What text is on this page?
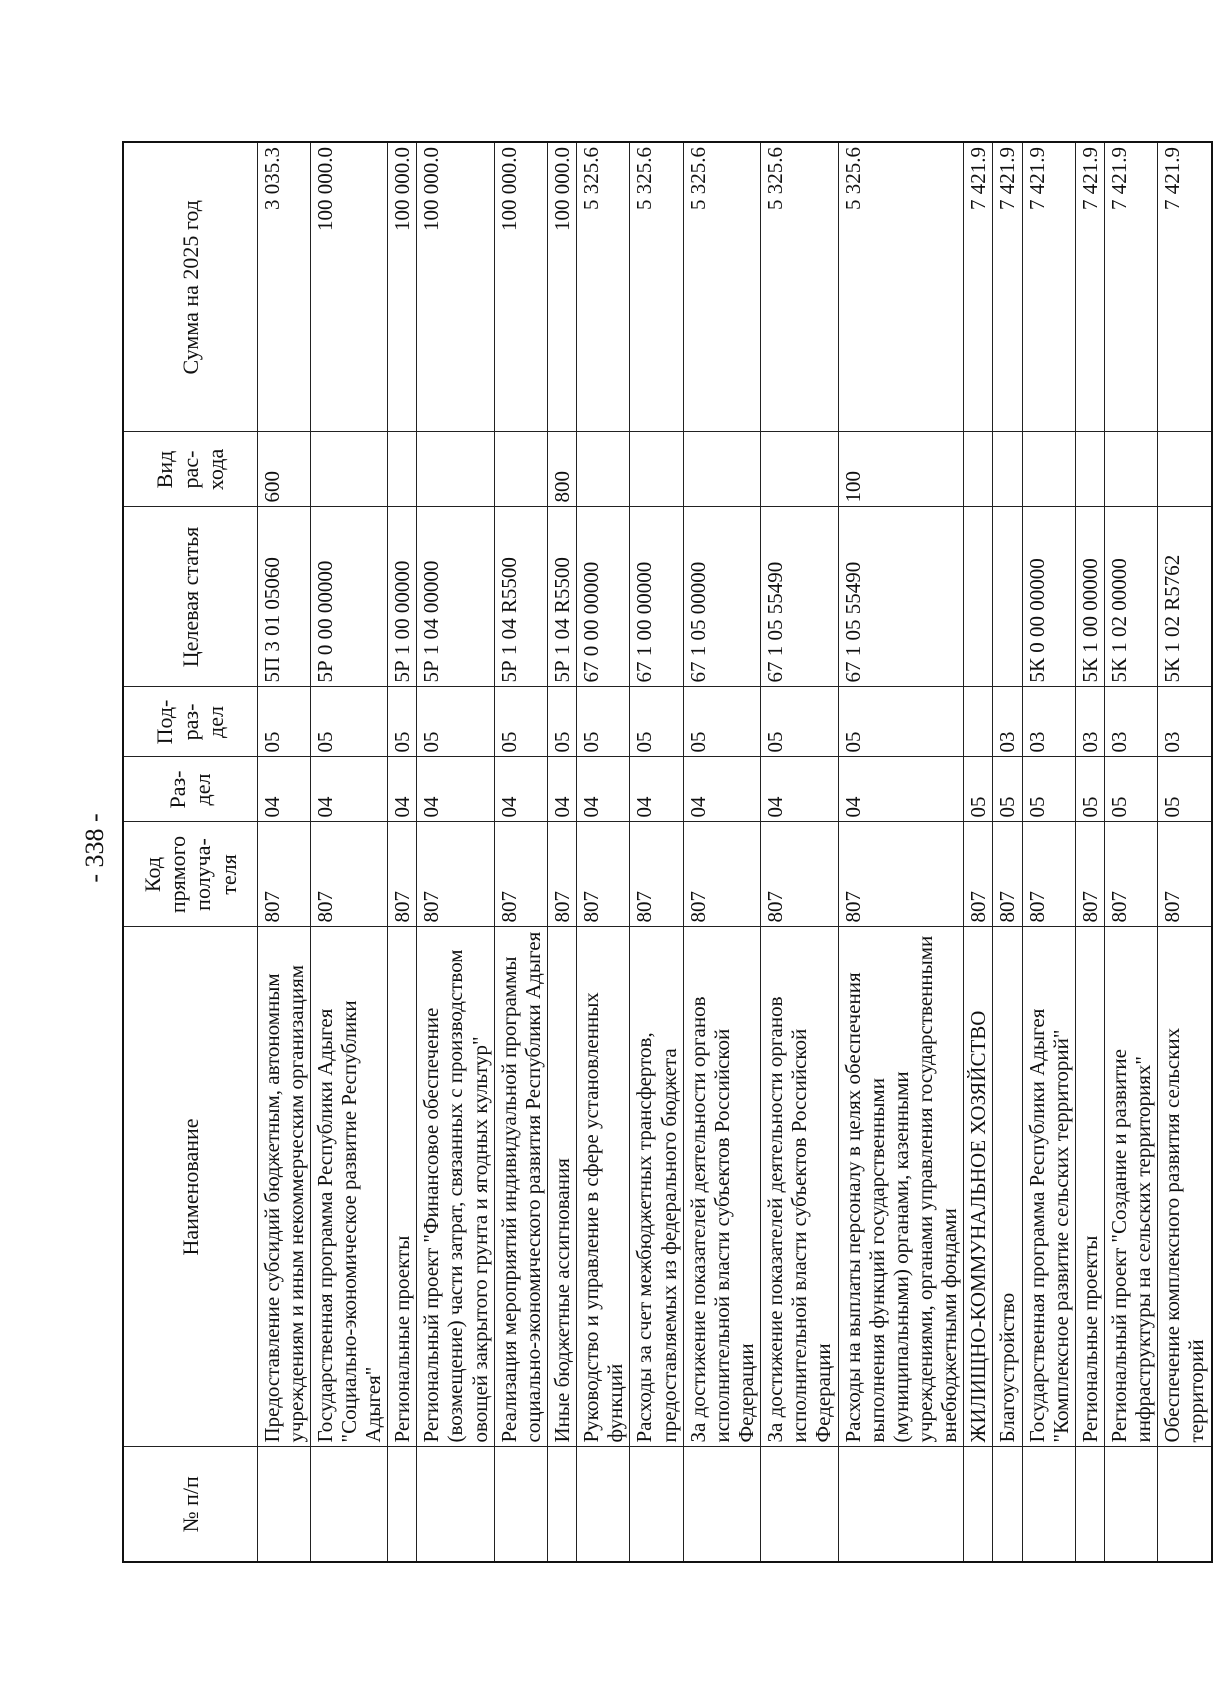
- 338 -
№ п/п	Наименование	Код прямого получа-теля	Раз-дел	Под-раз-дел	Целевая статья	Вид рас-хода	Сумма на 2025 год
	Предоставление субсидий бюджетным, автономным учреждениям и иным некоммерческим организациям	807	04	05	5П 3 01 05060	600	3 035.3
	Государственная программа Республики Адыгея "Социально-экономическое развитие Республики Адыгея"	807	04	05	5Р 0 00 00000		100 000.0
	Региональные проекты	807	04	05	5Р 1 00 00000		100 000.0
	Региональный проект "Финансовое обеспечение (возмещение) части затрат, связанных с производством овощей закрытого грунта и ягодных культур"	807	04	05	5Р 1 04 00000		100 000.0
	Реализация мероприятий индивидуальной программы социально-экономического развития Республики Адыгея	807	04	05	5Р 1 04 R5500		100 000.0
	Иные бюджетные ассигнования	807	04	05	5Р 1 04 R5500	800	100 000.0
	Руководство и управление в сфере установленных функций	807	04	05	67 0 00 00000		5 325.6
	Расходы за счет межбюджетных трансфертов, предоставляемых из федерального бюджета	807	04	05	67 1 00 00000		5 325.6
	За достижение показателей деятельности органов исполнительной власти субъектов Российской Федерации	807	04	05	67 1 05 00000		5 325.6
	За достижение показателей деятельности органов исполнительной власти субъектов Российской Федерации	807	04	05	67 1 05 55490		5 325.6
	Расходы на выплаты персоналу в целях обеспечения выполнения функций государственными (муниципальными) органами, казенными учреждениями, органами управления государственными внебюджетными фондами	807	04	05	67 1 05 55490	100	5 325.6
	ЖИЛИЩНО-КОММУНАЛЬНОЕ ХОЗЯЙСТВО	807	05				7 421.9
	Благоустройство	807	05	03			7 421.9
	Государственная программа Республики Адыгея "Комплексное развитие сельских территорий"	807	05	03	5К 0 00 00000		7 421.9
	Региональные проекты	807	05	03	5К 1 00 00000		7 421.9
	Региональный проект "Создание и развитие инфраструктуры на сельских территориях"	807	05	03	5К 1 02 00000		7 421.9
	Обеспечение комплексного развития сельских территорий	807	05	03	5К 1 02 R5762		7 421.9
